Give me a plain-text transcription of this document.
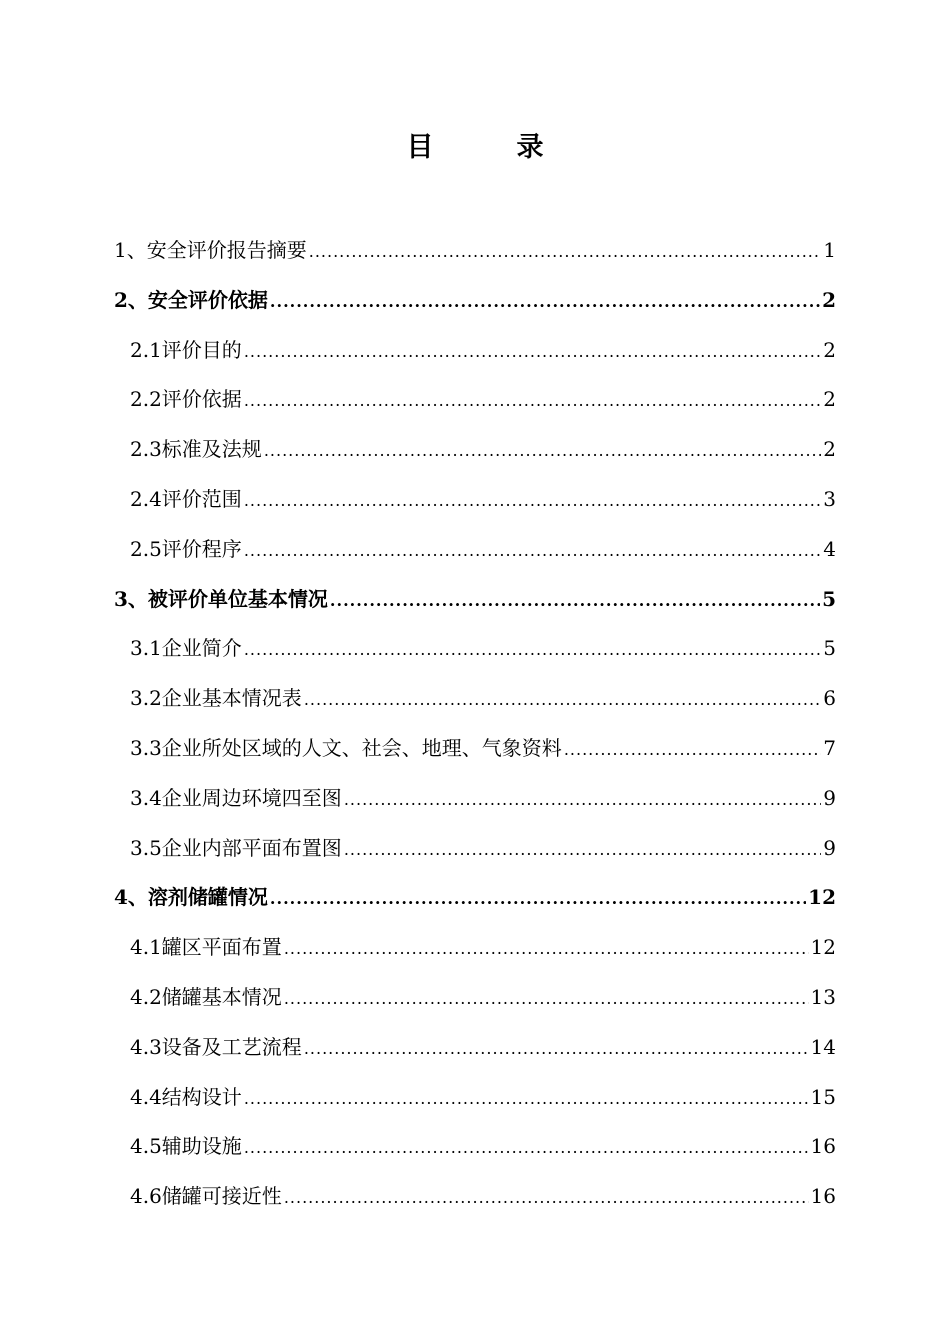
目　录
1、安全评价报告摘要 .....	1
2、安全评价依据 .....	2
2.1评价目的 .....	2
2.2评价依据 .....	2
2.3标准及法规 .....	2
2.4评价范围 .....	3
2.5评价程序 .....	4
3、被评价单位基本情况 .....	5
3.1企业简介 .....	5
3.2企业基本情况表 .....	6
3.3企业所处区域的人文、社会、地理、气象资料 .....	7
3.4企业周边环境四至图 .....	9
3.5企业内部平面布置图 .....	9
4、溶剂储罐情况 .....	12
4.1罐区平面布置 .....	12
4.2储罐基本情况 .....	13
4.3设备及工艺流程 .....	14
4.4结构设计 .....	15
4.5辅助设施 .....	16
4.6储罐可接近性 .....	16
